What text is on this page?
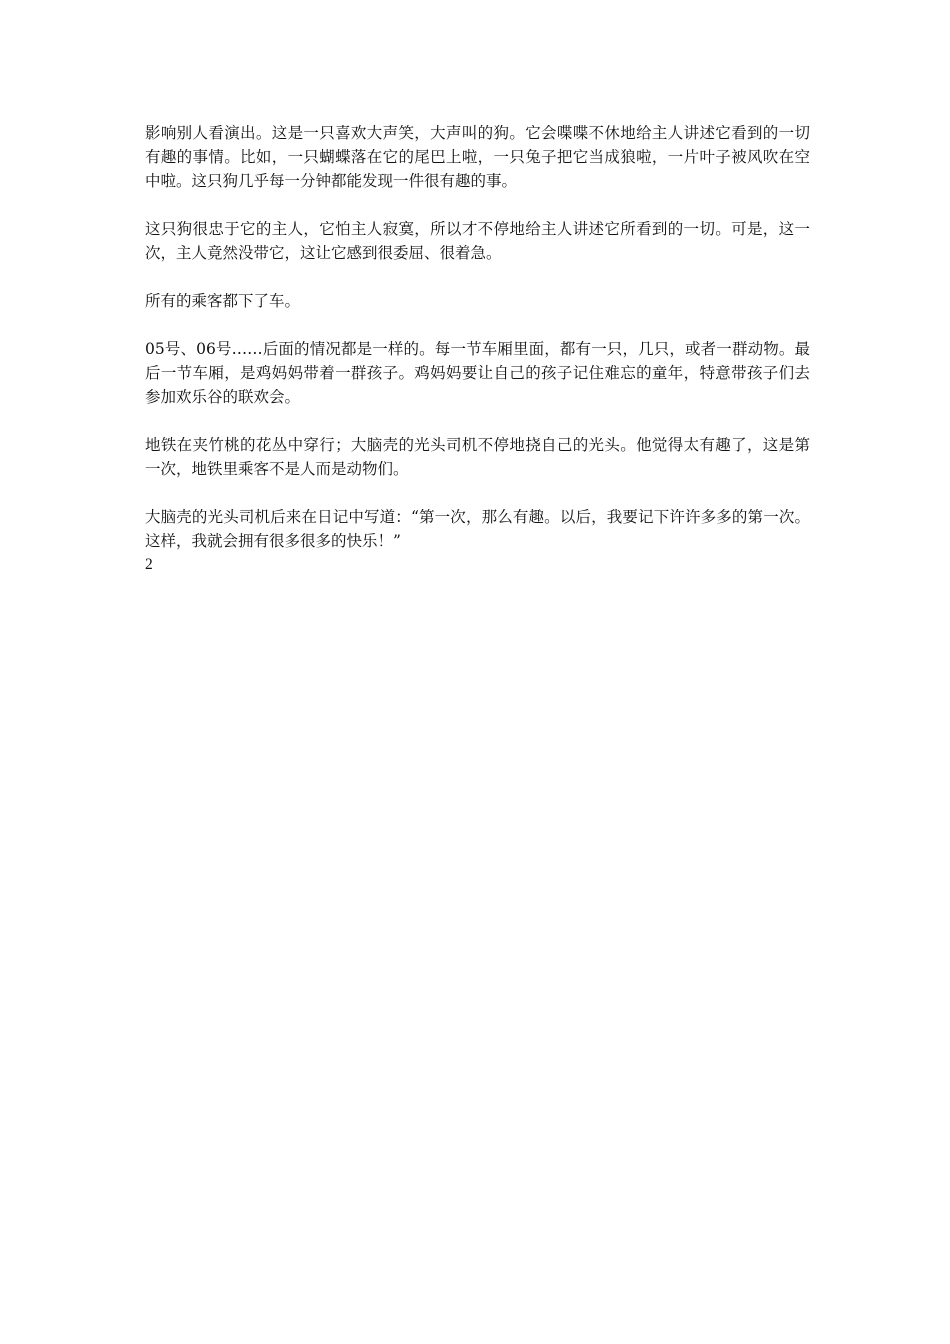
影响别人看演出。这是一只喜欢大声笑，大声叫的狗。它会喋喋不休地给主人讲述它看到的一切有趣的事情。比如，一只蝴蝶落在它的尾巴上啦，一只兔子把它当成狼啦，一片叶子被风吹在空中啦。这只狗几乎每一分钟都能发现一件很有趣的事。

这只狗很忠于它的主人，它怕主人寂寞，所以才不停地给主人讲述它所看到的一切。可是，这一次，主人竟然没带它，这让它感到很委屈、很着急。

所有的乘客都下了车。

05号、06号……后面的情况都是一样的。每一节车厢里面，都有一只，几只，或者一群动物。最后一节车厢，是鸡妈妈带着一群孩子。鸡妈妈要让自己的孩子记住难忘的童年，特意带孩子们去参加欢乐谷的联欢会。

地铁在夹竹桃的花丛中穿行；大脑壳的光头司机不停地挠自己的光头。他觉得太有趣了，这是第一次，地铁里乘客不是人而是动物们。

大脑壳的光头司机后来在日记中写道：“第一次，那么有趣。以后，我要记下许许多多的第一次。这样，我就会拥有很多很多的快乐！”

2
